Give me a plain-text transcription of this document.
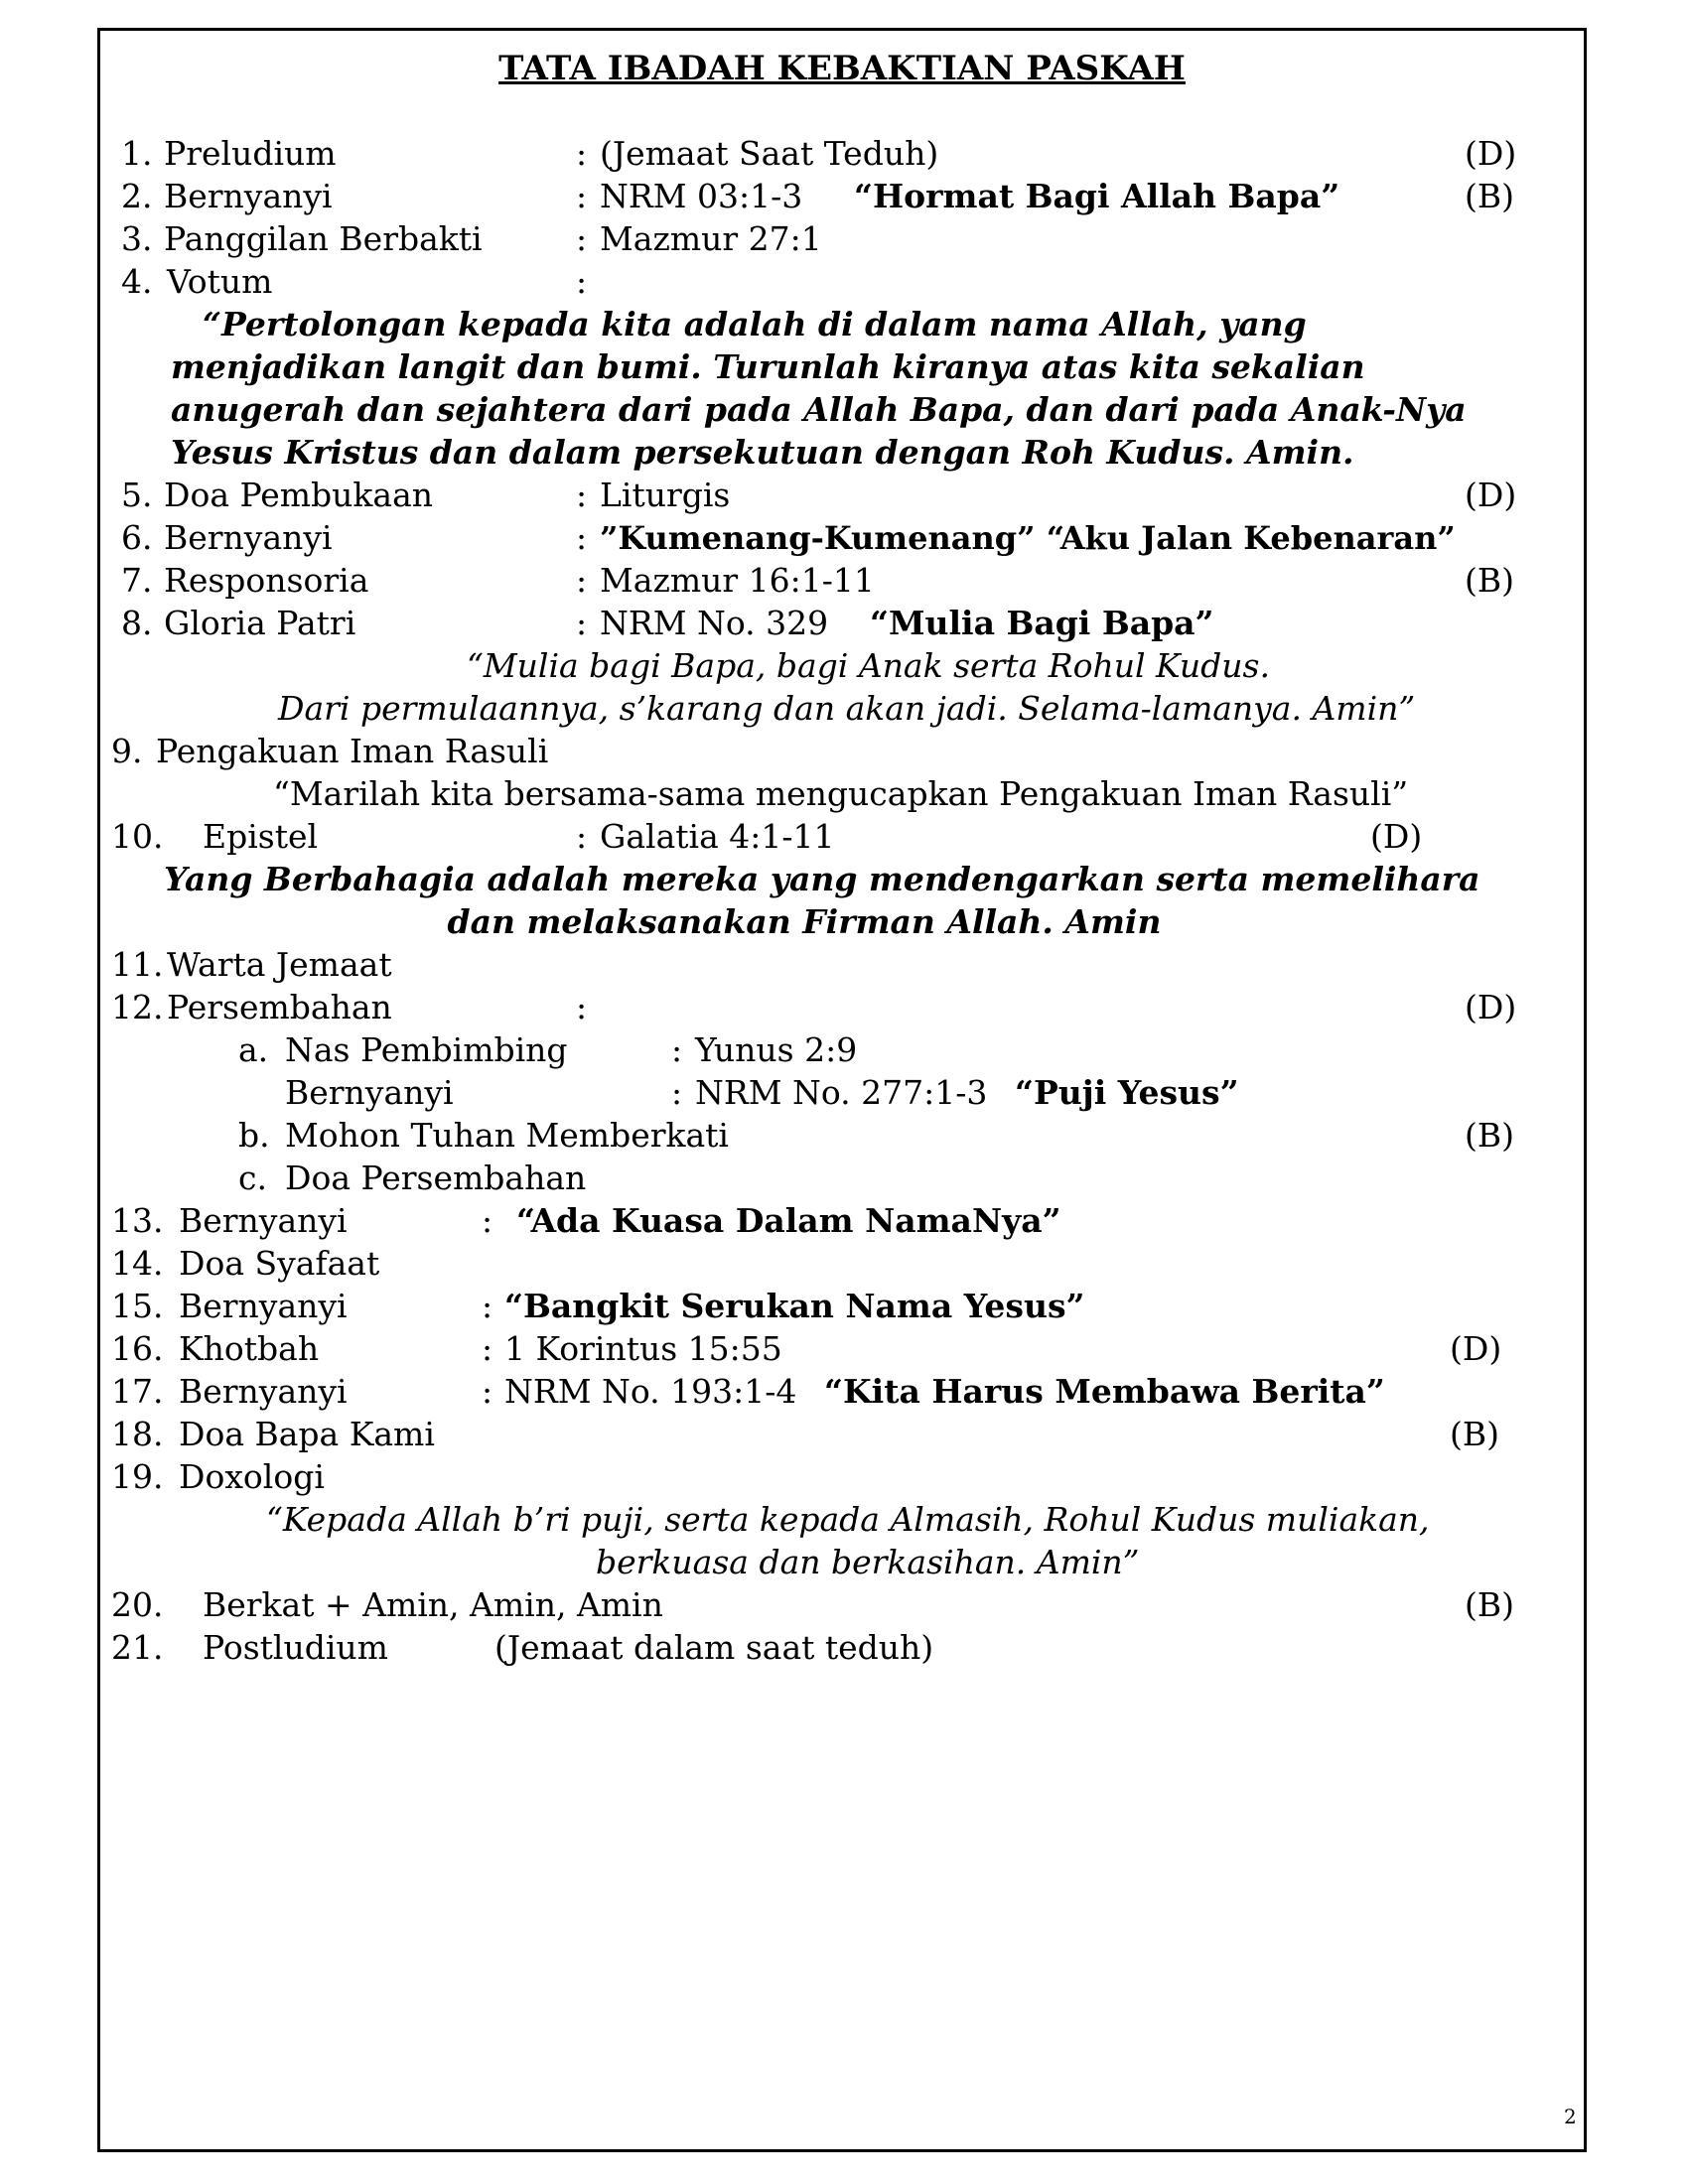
TATA IBADAH KEBAKTIAN PASKAH
1. Preludium	: (Jemaat Saat Teduh)	(D)
2. Bernyanyi	: NRM 03:1-3 “Hormat Bagi Allah Bapa”	(B)
3. Panggilan Berbakti	: Mazmur 27:1
4. Votum	:
“Pertolongan kepada kita adalah di dalam nama Allah, yang
menjadikan langit dan bumi. Turunlah kiranya atas kita sekalian
anugerah dan sejahtera dari pada Allah Bapa, dan dari pada Anak-Nya
Yesus Kristus dan dalam persekutuan dengan Roh Kudus. Amin.
5. Doa Pembukaan	: Liturgis	(D)
6. Bernyanyi	: ”Kumenang-Kumenang” “Aku Jalan Kebenaran”
7. Responsoria	: Mazmur 16:1-11	(B)
8. Gloria Patri	: NRM No. 329 “Mulia Bagi Bapa”
“Mulia bagi Bapa, bagi Anak serta Rohul Kudus.
Dari permulaannya, s’karang dan akan jadi. Selama-lamanya. Amin”
9. Pengakuan Iman Rasuli
“Marilah kita bersama-sama mengucapkan Pengakuan Iman Rasuli”
10. Epistel	: Galatia 4:1-11	(D)
Yang Berbahagia adalah mereka yang mendengarkan serta memelihara
dan melaksanakan Firman Allah. Amin
11. Warta Jemaat
12. Persembahan	:	(D)
a. Nas Pembimbing	: Yunus 2:9
Bernyanyi	: NRM No. 277:1-3 “Puji Yesus”
b. Mohon Tuhan Memberkati	(B)
c. Doa Persembahan
13. Bernyanyi	: “Ada Kuasa Dalam NamaNya”
14. Doa Syafaat
15. Bernyanyi	: “Bangkit Serukan Nama Yesus”
16. Khotbah	: 1 Korintus 15:55	(D)
17. Bernyanyi	: NRM No. 193:1-4 “Kita Harus Membawa Berita”
18. Doa Bapa Kami	(B)
19. Doxologi
“Kepada Allah b’ri puji, serta kepada Almasih, Rohul Kudus muliakan,
berkuasa dan berkasihan. Amin”
20. Berkat + Amin, Amin, Amin	(B)
21. Postludium	(Jemaat dalam saat teduh)
2
